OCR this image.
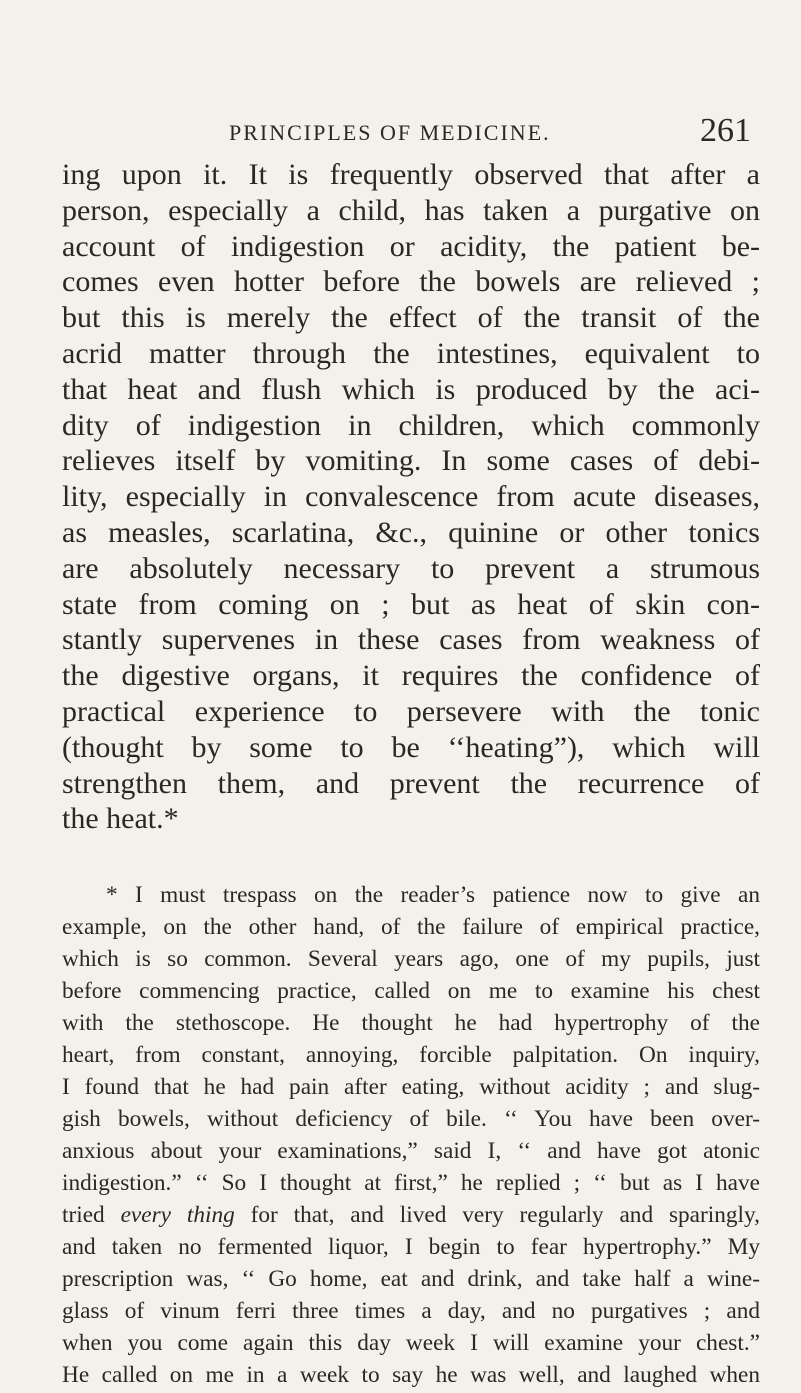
PRINCIPLES OF MEDICINE.	261
ing upon it. It is frequently observed that after a
person, especially a child, has taken a purgative on
account of indigestion or acidity, the patient be-
comes even hotter before the bowels are relieved ;
but this is merely the effect of the transit of the
acrid matter through the intestines, equivalent to
that heat and flush which is produced by the aci-
dity of indigestion in children, which commonly
relieves itself by vomiting. In some cases of debi-
lity, especially in convalescence from acute diseases,
as measles, scarlatina, &c., quinine or other tonics
are absolutely necessary to prevent a strumous
state from coming on ; but as heat of skin con-
stantly supervenes in these cases from weakness of
the digestive organs, it requires the confidence of
practical experience to persevere with the tonic
(thought by some to be ‘‘heating”), which will
strengthen them, and prevent the recurrence of
the heat.*
* I must trespass on the reader’s patience now to give an
example, on the other hand, of the failure of empirical practice,
which is so common. Several years ago, one of my pupils, just
before commencing practice, called on me to examine his chest
with the stethoscope. He thought he had hypertrophy of the
heart, from constant, annoying, forcible palpitation. On inquiry,
I found that he had pain after eating, without acidity ; and slug-
gish bowels, without deficiency of bile. ‘‘ You have been over-
anxious about your examinations,” said I, ‘‘ and have got atonic
indigestion.” ‘‘ So I thought at first,” he replied ; ‘‘ but as I have
tried every thing for that, and lived very regularly and sparingly,
and taken no fermented liquor, I begin to fear hypertrophy.” My
prescription was, ‘‘ Go home, eat and drink, and take half a wine-
glass of vinum ferri three times a day, and no purgatives ; and
when you come again this day week I will examine your chest.”
He called on me in a week to say he was well, and laughed when
